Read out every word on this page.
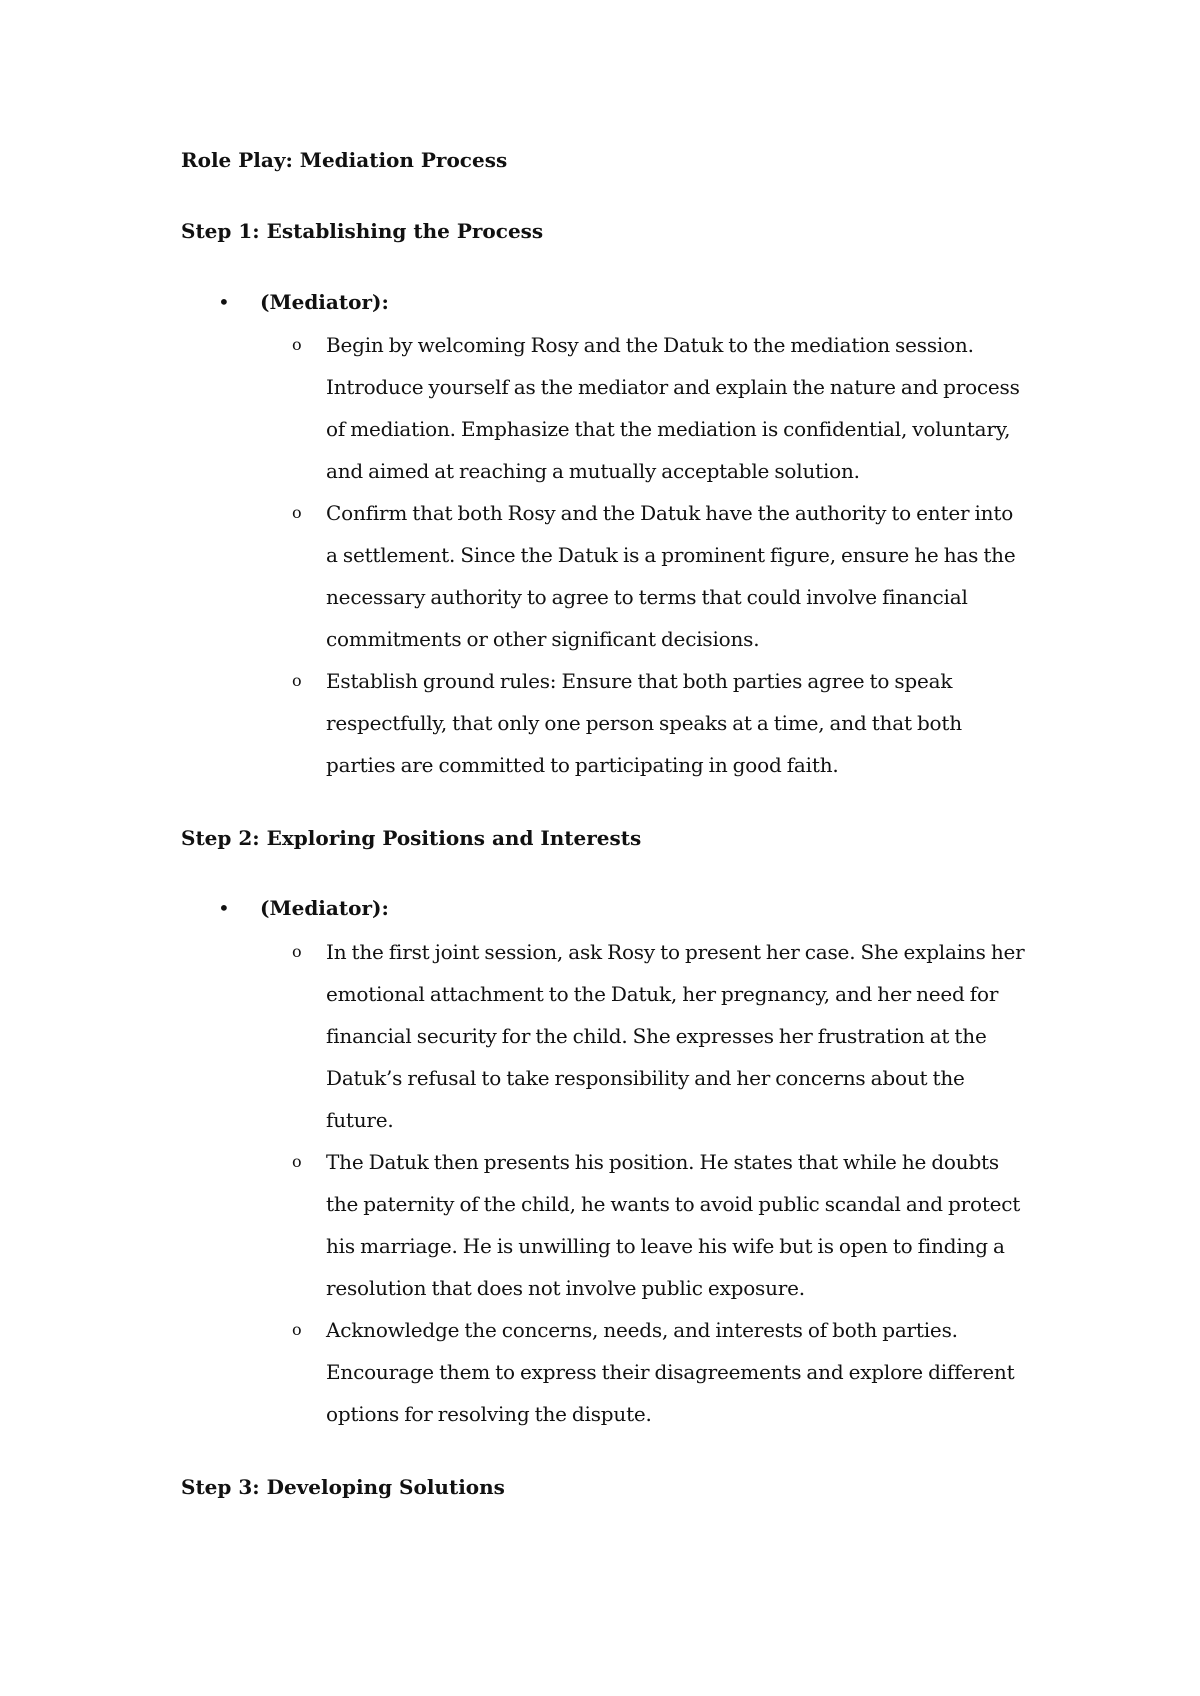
Role Play: Mediation Process
Step 1: Establishing the Process
• (Mediator):
o Begin by welcoming Rosy and the Datuk to the mediation session. Introduce yourself as the mediator and explain the nature and process of mediation. Emphasize that the mediation is confidential, voluntary, and aimed at reaching a mutually acceptable solution.
o Confirm that both Rosy and the Datuk have the authority to enter into a settlement. Since the Datuk is a prominent figure, ensure he has the necessary authority to agree to terms that could involve financial commitments or other significant decisions.
o Establish ground rules: Ensure that both parties agree to speak respectfully, that only one person speaks at a time, and that both parties are committed to participating in good faith.
Step 2: Exploring Positions and Interests
• (Mediator):
o In the first joint session, ask Rosy to present her case. She explains her emotional attachment to the Datuk, her pregnancy, and her need for financial security for the child. She expresses her frustration at the Datuk’s refusal to take responsibility and her concerns about the future.
o The Datuk then presents his position. He states that while he doubts the paternity of the child, he wants to avoid public scandal and protect his marriage. He is unwilling to leave his wife but is open to finding a resolution that does not involve public exposure.
o Acknowledge the concerns, needs, and interests of both parties. Encourage them to express their disagreements and explore different options for resolving the dispute.
Step 3: Developing Solutions
